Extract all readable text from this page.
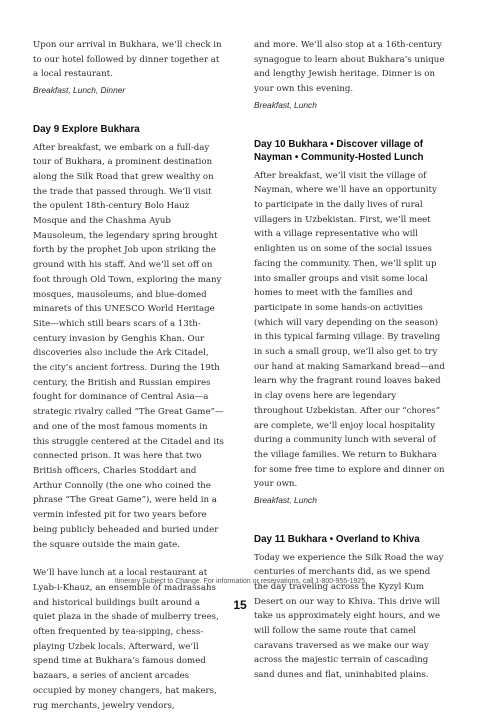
Upon our arrival in Bukhara, we’ll check in to our hotel followed by dinner together at a local restaurant.

Breakfast, Lunch, Dinner
Day 9 Explore Bukhara

After breakfast, we embark on a full-day tour of Bukhara, a prominent destination along the Silk Road that grew wealthy on the trade that passed through. We’ll visit the opulent 18th-century Bolo Hauz Mosque and the Chashma Ayub Mausoleum, the legendary spring brought forth by the prophet Job upon striking the ground with his staff. And we’ll set off on foot through Old Town, exploring the many mosques, mausoleums, and blue-domed minarets of this UNESCO World Heritage Site—which still bears scars of a 13th-century invasion by Genghis Khan. Our discoveries also include the Ark Citadel, the city’s ancient fortress. During the 19th century, the British and Russian empires fought for dominance of Central Asia—a strategic rivalry called “The Great Game”—and one of the most famous moments in this struggle centered at the Citadel and its connected prison. It was here that two British officers, Charles Stoddart and Arthur Connolly (the one who coined the phrase “The Great Game”), were held in a vermin infested pit for two years before being publicly beheaded and buried under the square outside the main gate.

We’ll have lunch at a local restaurant at Lyab-i-Khauz, an ensemble of madrassahs and historical buildings built around a quiet plaza in the shade of mulberry trees, often frequented by tea-sipping, chess-playing Uzbek locals. Afterward, we’ll spend time at Bukhara’s famous domed bazaars, a series of ancient arcades occupied by money changers, hat makers, rug merchants, jewelry vendors,

and more. We’ll also stop at a 16th-century synagogue to learn about Bukhara’s unique and lengthy Jewish heritage. Dinner is on your own this evening.

Breakfast, Lunch
Day 10 Bukhara • Discover village of Nayman • Community-Hosted Lunch

After breakfast, we’ll visit the village of Nayman, where we’ll have an opportunity to participate in the daily lives of rural villagers in Uzbekistan. First, we’ll meet with a village representative who will enlighten us on some of the social issues facing the community. Then, we’ll split up into smaller groups and visit some local homes to meet with the families and participate in some hands-on activities (which will vary depending on the season) in this typical farming village. By traveling in such a small group, we’ll also get to try our hand at making Samarkand bread—and learn why the fragrant round loaves baked in clay ovens here are legendary throughout Uzbekistan. After our “chores” are complete, we’ll enjoy local hospitality during a community lunch with several of the village families. We return to Bukhara for some free time to explore and dinner on your own.

Breakfast, Lunch
Day 11 Bukhara • Overland to Khiva

Today we experience the Silk Road the way centuries of merchants did, as we spend the day traveling across the Kyzyl Kum Desert on our way to Khiva. This drive will take us approximately eight hours, and we will follow the same route that camel caravans traversed as we make our way across the majestic terrain of cascading sand dunes and flat, uninhabited plains.

Itinerary Subject to Change. For information or reservations, call 1-800-955-1925
15
